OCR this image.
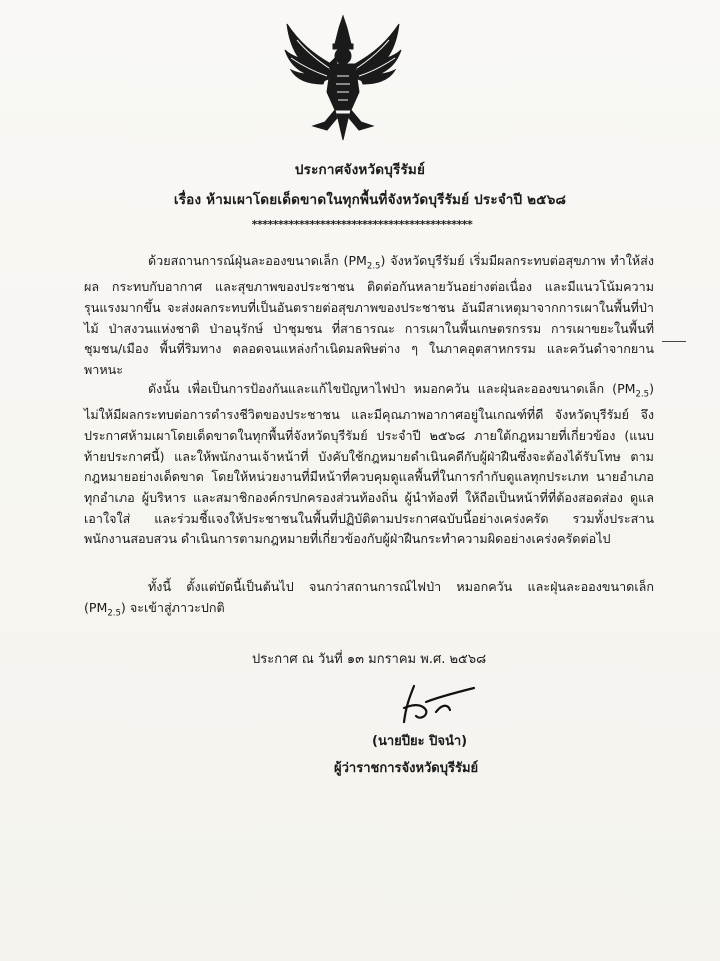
ประกาศจังหวัดบุรีรัมย์
เรื่อง ห้ามเผาโดยเด็ดขาดในทุกพื้นที่จังหวัดบุรีรัมย์ ประจำปี ๒๕๖๘
******************************************
ด้วยสถานการณ์ฝุ่นละอองขนาดเล็ก $(PM_{2.5})$ จังหวัดบุรีรัมย์ เริ่มมีผลกระทบต่อสุขภาพ ทำให้ส่งผล กระทบกับอากาศ และสุขภาพของประชาชน ติดต่อกันหลายวันอย่างต่อเนื่อง และมีแนวโน้มความรุนแรงมากขึ้น จะส่งผลกระทบที่เป็นอันตรายต่อสุขภาพของประชาชน อันมีสาเหตุมาจากการเผาในพื้นที่ป่าไม้ ป่าสงวนแห่งชาติ ป่าอนุรักษ์ ป่าชุมชน ที่สาธารณะ การเผาในพื้นเกษตรกรรม การเผาขยะในพื้นที่ชุมชน/เมือง พื้นที่ริมทาง ตลอดจนแหล่งกำเนิดมลพิษต่าง ๆ ในภาคอุตสาหกรรม และควันดำจากยานพาหนะ
ดังนั้น เพื่อเป็นการป้องกันและแก้ไขปัญหาไฟป่า หมอกควัน และฝุ่นละอองขนาดเล็ก $(PM_{2.5})$ ไม่ให้มีผลกระทบต่อการดำรงชีวิตของประชาชน และมีคุณภาพอากาศอยู่ในเกณฑ์ที่ดี จังหวัดบุรีรัมย์ จึงประกาศห้ามเผาโดยเด็ดขาดในทุกพื้นที่จังหวัดบุรีรัมย์ ประจำปี ๒๕๖๘ ภายใต้กฎหมายที่เกี่ยวข้อง (แนบท้ายประกาศนี้) และให้พนักงานเจ้าหน้าที่ บังคับใช้กฎหมายดำเนินคดีกับผู้ฝ่าฝืนซึ่งจะต้องได้รับโทษ ตามกฎหมายอย่างเด็ดขาด โดยให้หน่วยงานที่มีหน้าที่ควบคุมดูแลพื้นที่ในการกำกับดูแลทุกประเภท นายอำเภอทุกอำเภอ ผู้บริหาร และสมาชิกองค์กรปกครองส่วนท้องถิ่น ผู้นำท้องที่ ให้ถือเป็นหน้าที่ที่ต้องสอดส่อง ดูแลเอาใจใส่ และร่วมชี้แจงให้ประชาชนในพื้นที่ปฏิบัติตามประกาศฉบับนี้อย่างเคร่งครัด รวมทั้งประสาน พนักงานสอบสวน ดำเนินการตามกฎหมายที่เกี่ยวข้องกับผู้ฝ่าฝืนกระทำความผิดอย่างเคร่งครัดต่อไป
ทั้งนี้ ตั้งแต่บัดนี้เป็นต้นไป จนกว่าสถานการณ์ไฟป่า หมอกควัน และฝุ่นละอองขนาดเล็ก $(PM_{2.5})$ จะเข้าสู่ภาวะปกติ
ประกาศ ณ วันที่ ๑๓ มกราคม พ.ศ. ๒๕๖๘
(นายปียะ ปิจนำ)
ผู้ว่าราชการจังหวัดบุรีรัมย์
